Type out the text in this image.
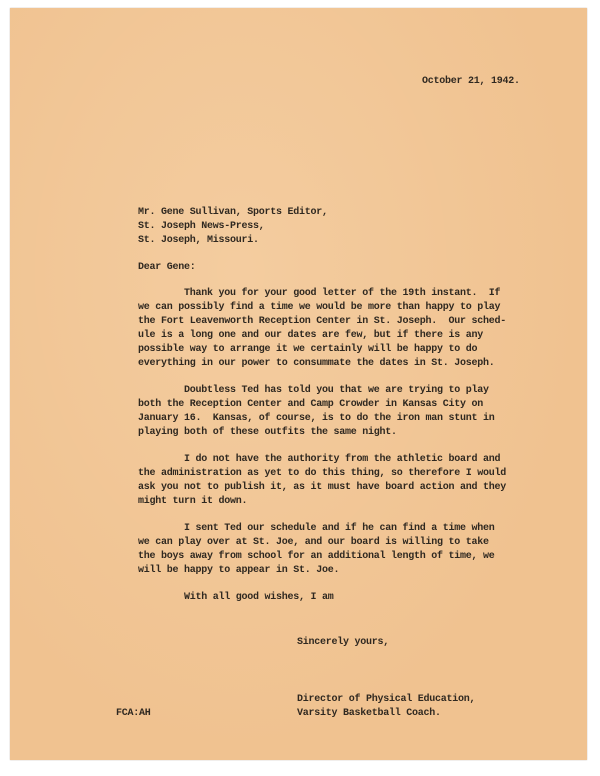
October 21, 1942.
Mr. Gene Sullivan, Sports Editor,
St. Joseph News-Press,
St. Joseph, Missouri.
Dear Gene:
Thank you for your good letter of the 19th instant.  If
we can possibly find a time we would be more than happy to play
the Fort Leavenworth Reception Center in St. Joseph.  Our sched-
ule is a long one and our dates are few, but if there is any
possible way to arrange it we certainly will be happy to do
everything in our power to consummate the dates in St. Joseph.
Doubtless Ted has told you that we are trying to play
both the Reception Center and Camp Crowder in Kansas City on
January 16.  Kansas, of course, is to do the iron man stunt in
playing both of these outfits the same night.
I do not have the authority from the athletic board and
the administration as yet to do this thing, so therefore I would
ask you not to publish it, as it must have board action and they
might turn it down.
I sent Ted our schedule and if he can find a time when
we can play over at St. Joe, and our board is willing to take
the boys away from school for an additional length of time, we
will be happy to appear in St. Joe.
With all good wishes, I am
Sincerely yours,
Director of Physical Education,
Varsity Basketball Coach.
FCA:AH
